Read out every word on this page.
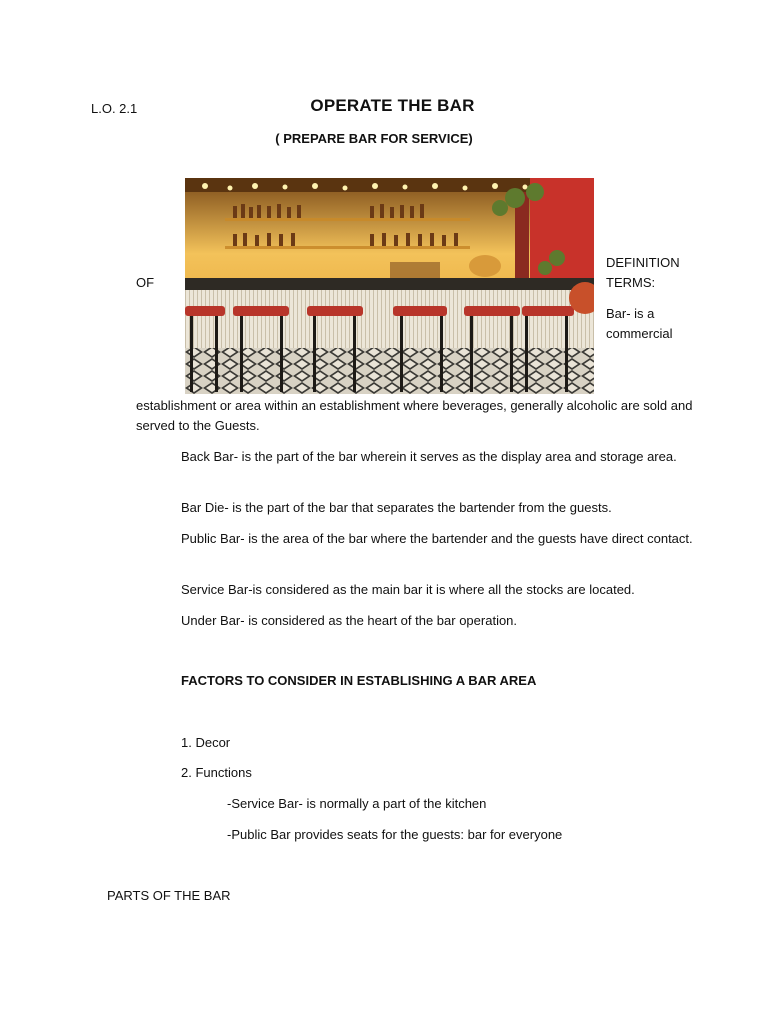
L.O. 2.1	OPERATE THE BAR
( PREPARE BAR FOR SERVICE)
OF
DEFINITION
TERMS:
Bar- is a
commercial
establishment or area within an establishment where beverages, generally alcoholic are sold and served to the Guests.
Back Bar- is the part of the bar wherein it serves as the display area and storage area.
Bar Die- is the part of the bar that separates the bartender from the guests.
Public Bar- is the area of the bar where the bartender and the guests have direct contact.
Service Bar-is considered as the main bar it is where all the stocks are located.
Under Bar- is considered as the heart of the bar operation.
FACTORS TO CONSIDER IN ESTABLISHING A BAR AREA
1. Decor
2. Functions
-Service Bar- is normally a part of the kitchen
-Public Bar provides seats for the guests: bar for everyone
PARTS OF THE BAR
